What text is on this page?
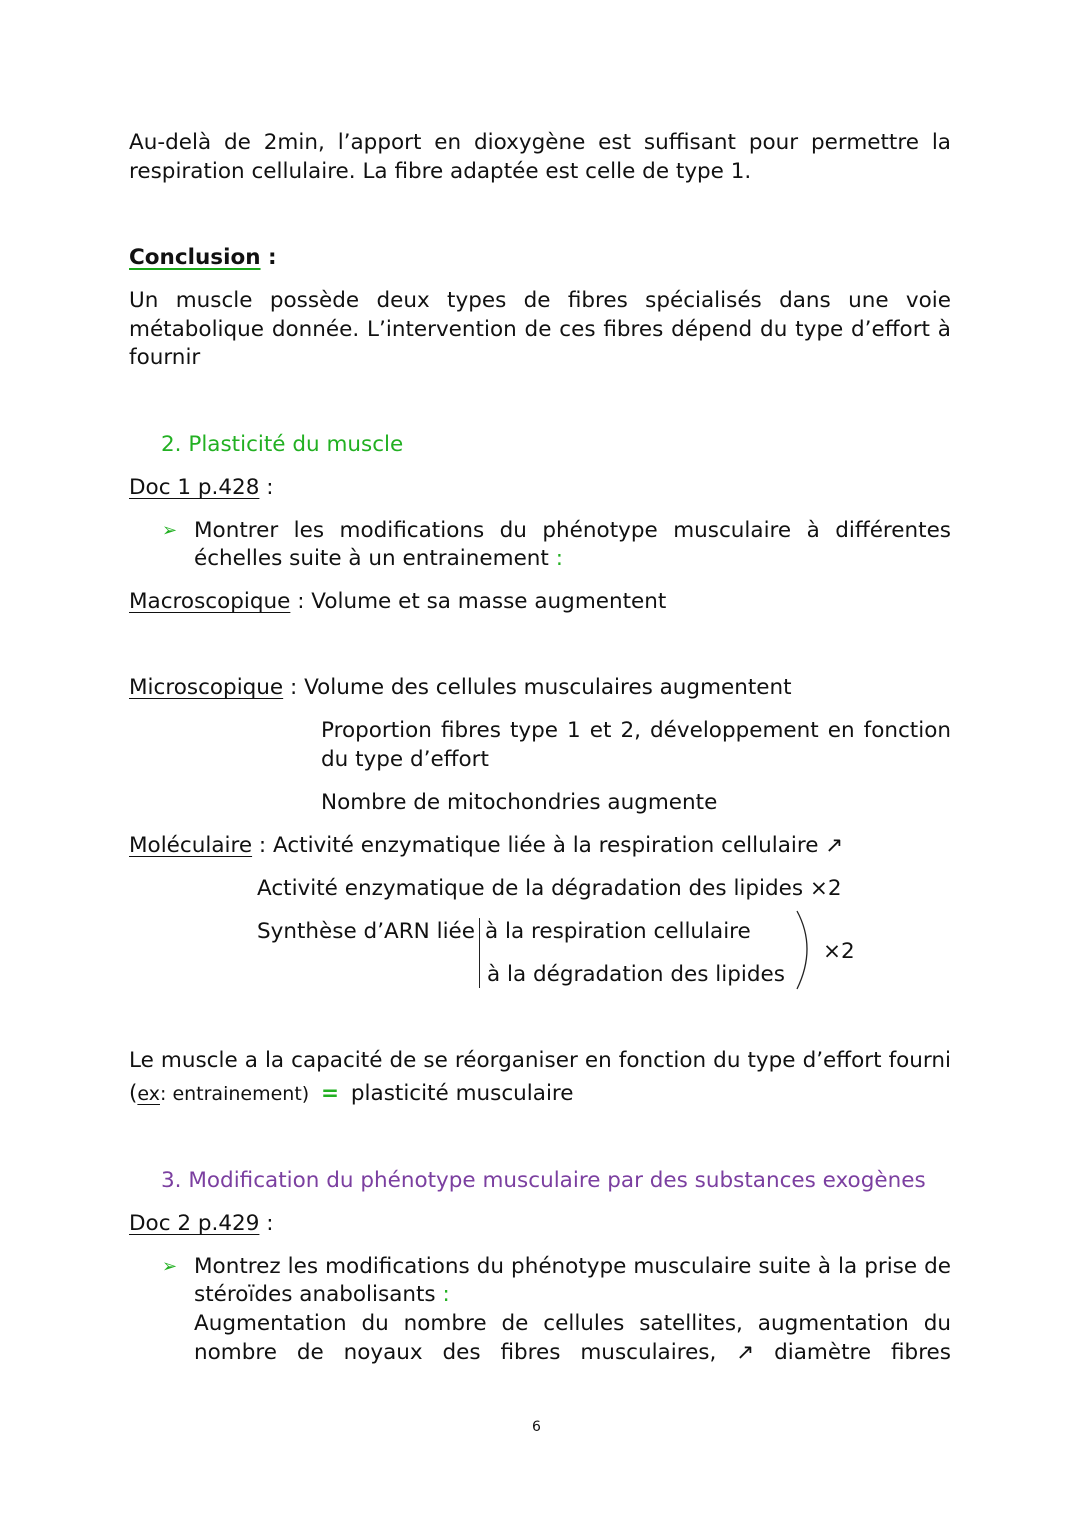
Au-delà de 2min, l’apport en dioxygène est suffisant pour permettre la
respiration cellulaire. La fibre adaptée est celle de type 1.
Conclusion :
Un muscle possède deux types de fibres spécialisés dans une voie
métabolique donnée. L’intervention de ces fibres dépend du type d’effort à
fournir
2. Plasticité du muscle
Doc 1 p.428 :
➢ Montrer les modifications du phénotype musculaire à différentes
échelles suite à un entrainement :
Macroscopique : Volume et sa masse augmentent
Microscopique : Volume des cellules musculaires augmentent
Proportion fibres type 1 et 2, développement en fonction
du type d’effort
Nombre de mitochondries augmente
Moléculaire : Activité enzymatique liée à la respiration cellulaire ↗
Activité enzymatique de la dégradation des lipides ×2
Synthèse d’ARN liée à la respiration cellulaire
à la dégradation des lipides
×2
Le muscle a la capacité de se réorganiser en fonction du type d’effort fourni
(ex: entrainement) = plasticité musculaire
3. Modification du phénotype musculaire par des substances exogènes
Doc 2 p.429 :
➢ Montrez les modifications du phénotype musculaire suite à la prise de
stéroïdes anabolisants :
Augmentation du nombre de cellules satellites, augmentation du
nombre de noyaux des fibres musculaires, ↗ diamètre fibres
6
